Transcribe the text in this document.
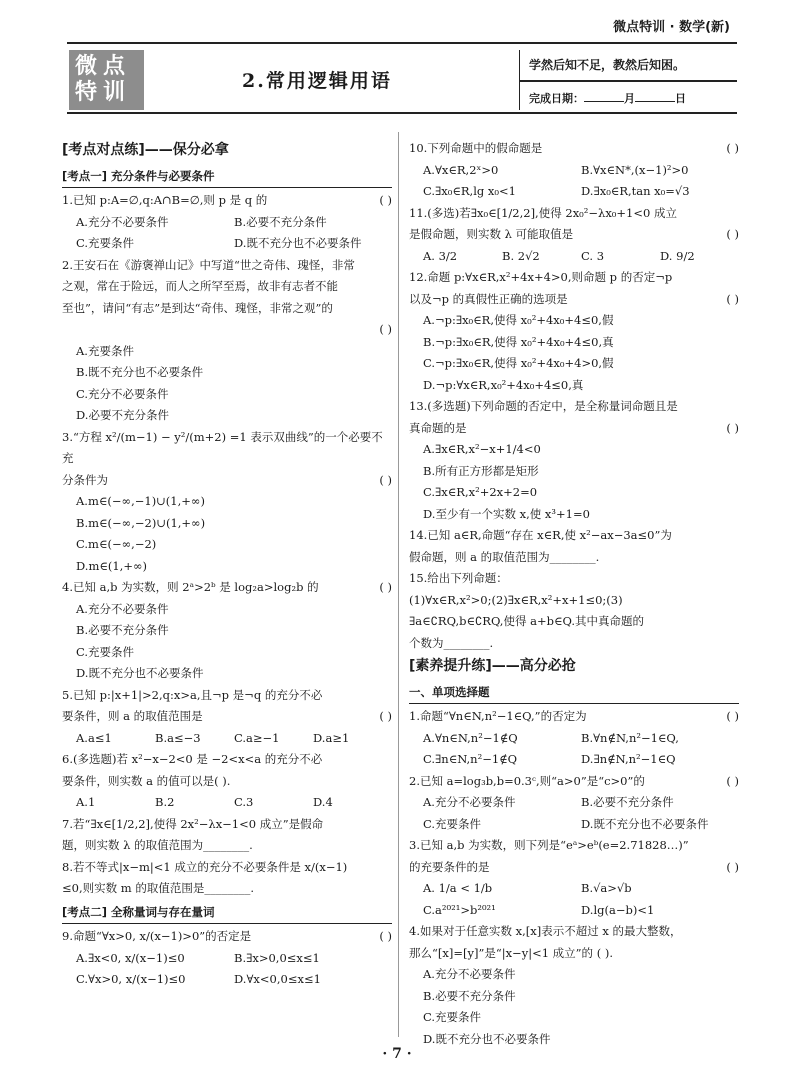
微点特训 · 数学(新)
微点
特训	2.常用逻辑用语
学然后知不足，教然后知困。
完成日期：	月	日
[考点对点练]——保分必拿
[考点一] 充分条件与必要条件
1.已知 p:A=∅,q:A∩B=∅,则 p 是 q 的	( )
A.充分不必要条件	B.必要不充分条件
C.充要条件	D.既不充分也不必要条件
2.王安石在《游褒禅山记》中写道“世之奇伟、瑰怪，非常
之观，常在于险远，而人之所罕至焉，故非有志者不能
至也”，请问“有志”是到达“奇伟、瑰怪，非常之观”的
( )
A.充要条件
B.既不充分也不必要条件
C.充分不必要条件
D.必要不充分条件
3.“方程 x²/(m−1) − y²/(m+2) =1 表示双曲线”的一个必要不充
分条件为	( )
A.m∈(−∞,−1)∪(1,+∞)
B.m∈(−∞,−2)∪(1,+∞)
C.m∈(−∞,−2)
D.m∈(1,+∞)
4.已知 a,b 为实数，则 2ᵃ>2ᵇ 是 log₂a>log₂b 的	( )
A.充分不必要条件
B.必要不充分条件
C.充要条件
D.既不充分也不必要条件
5.已知 p:|x+1|>2,q:x>a,且¬p 是¬q 的充分不必
要条件，则 a 的取值范围是	( )
A.a≤1	B.a≤−3	C.a≥−1	D.a≥1
6.(多选题)若 x²−x−2<0 是 −2<x<a 的充分不必
要条件，则实数 a 的值可以是( ).
A.1	B.2	C.3	D.4
7.若“∃x∈[1/2,2],使得 2x²−λx−1<0 成立”是假命
题，则实数 λ 的取值范围为________.
8.若不等式|x−m|<1 成立的充分不必要条件是 x/(x−1)
≤0,则实数 m 的取值范围是________.
[考点二] 全称量词与存在量词
9.命题“∀x>0, x/(x−1)>0”的否定是	( )
A.∃x<0, x/(x−1)≤0	B.∃x>0,0≤x≤1
C.∀x>0, x/(x−1)≤0	D.∀x<0,0≤x≤1
10.下列命题中的假命题是	( )
A.∀x∈R,2ˣ>0	B.∀x∈N*,(x−1)²>0
C.∃x₀∈R,lg x₀<1	D.∃x₀∈R,tan x₀=√3
11.(多选)若∃x₀∈[1/2,2],使得 2x₀²−λx₀+1<0 成立
是假命题，则实数 λ 可能取值是	( )
A. 3/2	B. 2√2	C. 3	D. 9/2
12.命题 p:∀x∈R,x²+4x+4>0,则命题 p 的否定¬p
以及¬p 的真假性正确的选项是	( )
A.¬p:∃x₀∈R,使得 x₀²+4x₀+4≤0,假
B.¬p:∃x₀∈R,使得 x₀²+4x₀+4≤0,真
C.¬p:∃x₀∈R,使得 x₀²+4x₀+4>0,假
D.¬p:∀x∈R,x₀²+4x₀+4≤0,真
13.(多选题)下列命题的否定中，是全称量词命题且是
真命题的是	( )
A.∃x∈R,x²−x+1/4<0
B.所有正方形都是矩形
C.∃x∈R,x²+2x+2=0
D.至少有一个实数 x,使 x³+1=0
14.已知 a∈R,命题“存在 x∈R,使 x²−ax−3a≤0”为
假命题，则 a 的取值范围为________.
15.给出下列命题：
(1)∀x∈R,x²>0;(2)∃x∈R,x²+x+1≤0;(3)
∃a∈∁RQ,b∈∁RQ,使得 a+b∈Q.其中真命题的
个数为________.
[素养提升练]——高分必抢
一、单项选择题
1.命题“∀n∈N,n²−1∈Q,”的否定为	( )
A.∀n∈N,n²−1∉Q	B.∀n∉N,n²−1∈Q,
C.∃n∈N,n²−1∉Q	D.∃n∉N,n²−1∈Q
2.已知 a=log₃b,b=0.3ᶜ,则“a>0”是“c>0”的	( )
A.充分不必要条件	B.必要不充分条件
C.充要条件	D.既不充分也不必要条件
3.已知 a,b 为实数，则下列是“eᵃ>eᵇ(e=2.71828…)”
的充要条件的是	( )
A. 1/a < 1/b	B.√a>√b
C.a²⁰²¹>b²⁰²¹	D.lg(a−b)<1
4.如果对于任意实数 x,[x]表示不超过 x 的最大整数，
那么“[x]=[y]”是“|x−y|<1 成立”的 ( ).
A.充分不必要条件
B.必要不充分条件
C.充要条件
D.既不充分也不必要条件
· 7 ·
